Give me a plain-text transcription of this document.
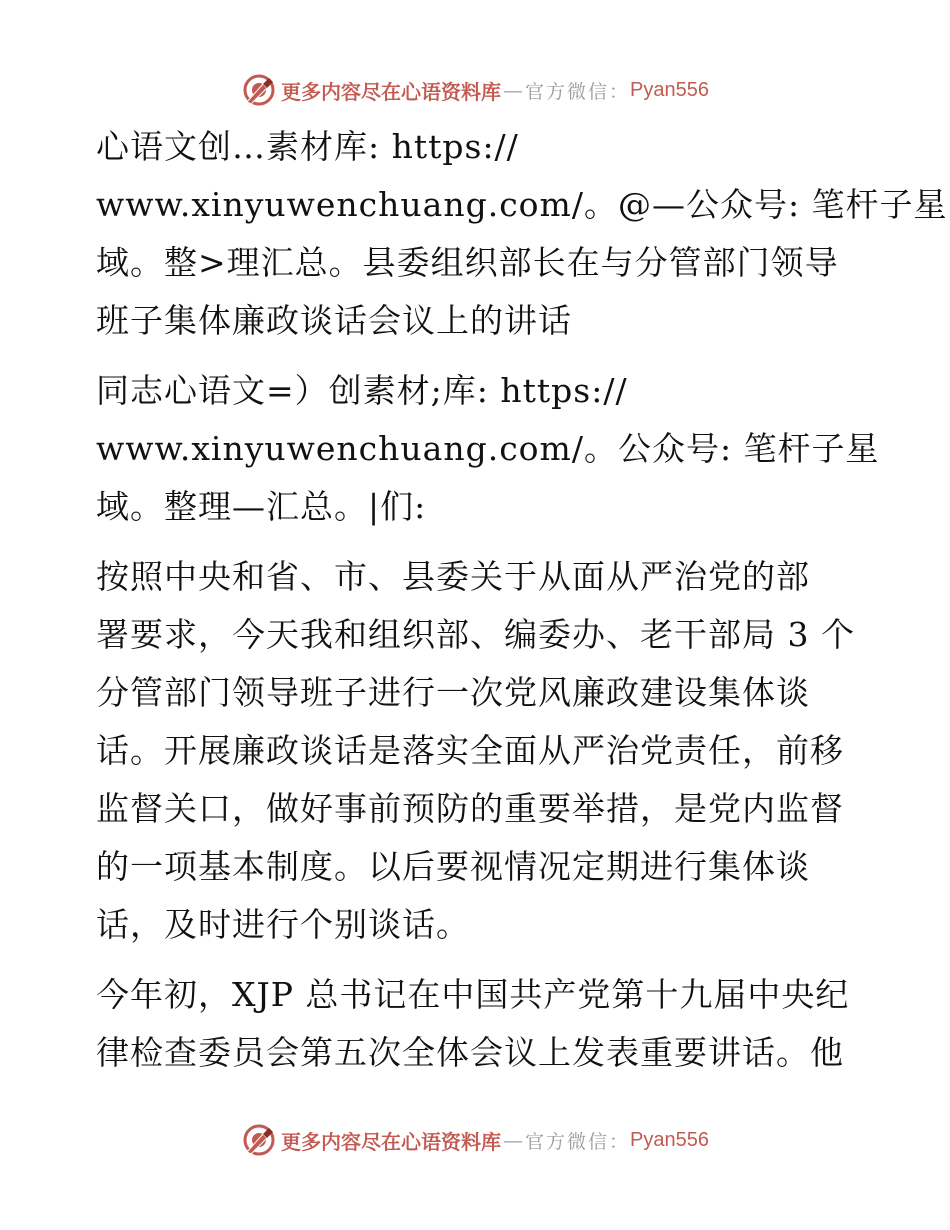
更多内容尽在心语资料库 — 官方微信： Pyan556

心语文创…素材库: https://
www.xinyuwenchuang.com/。@—公众号: 笔杆子星
域。整>理汇总。县委组织部长在与分管部门领导
班子集体廉政谈话会议上的讲话

同志心语文=）创素材;库: https://
www.xinyuwenchuang.com/。公众号: 笔杆子星
域。整理—汇总。|们:

按照中央和省、市、县委关于从面从严治党的部
署要求，今天我和组织部、编委办、老干部局 3 个
分管部门领导班子进行一次党风廉政建设集体谈
话。开展廉政谈话是落实全面从严治党责任，前移
监督关口，做好事前预防的重要举措，是党内监督
的一项基本制度。以后要视情况定期进行集体谈
话，及时进行个别谈话。

今年初，XJP 总书记在中国共产党第十九届中央纪
律检查委员会第五次全体会议上发表重要讲话。他

更多内容尽在心语资料库 — 官方微信： Pyan556
